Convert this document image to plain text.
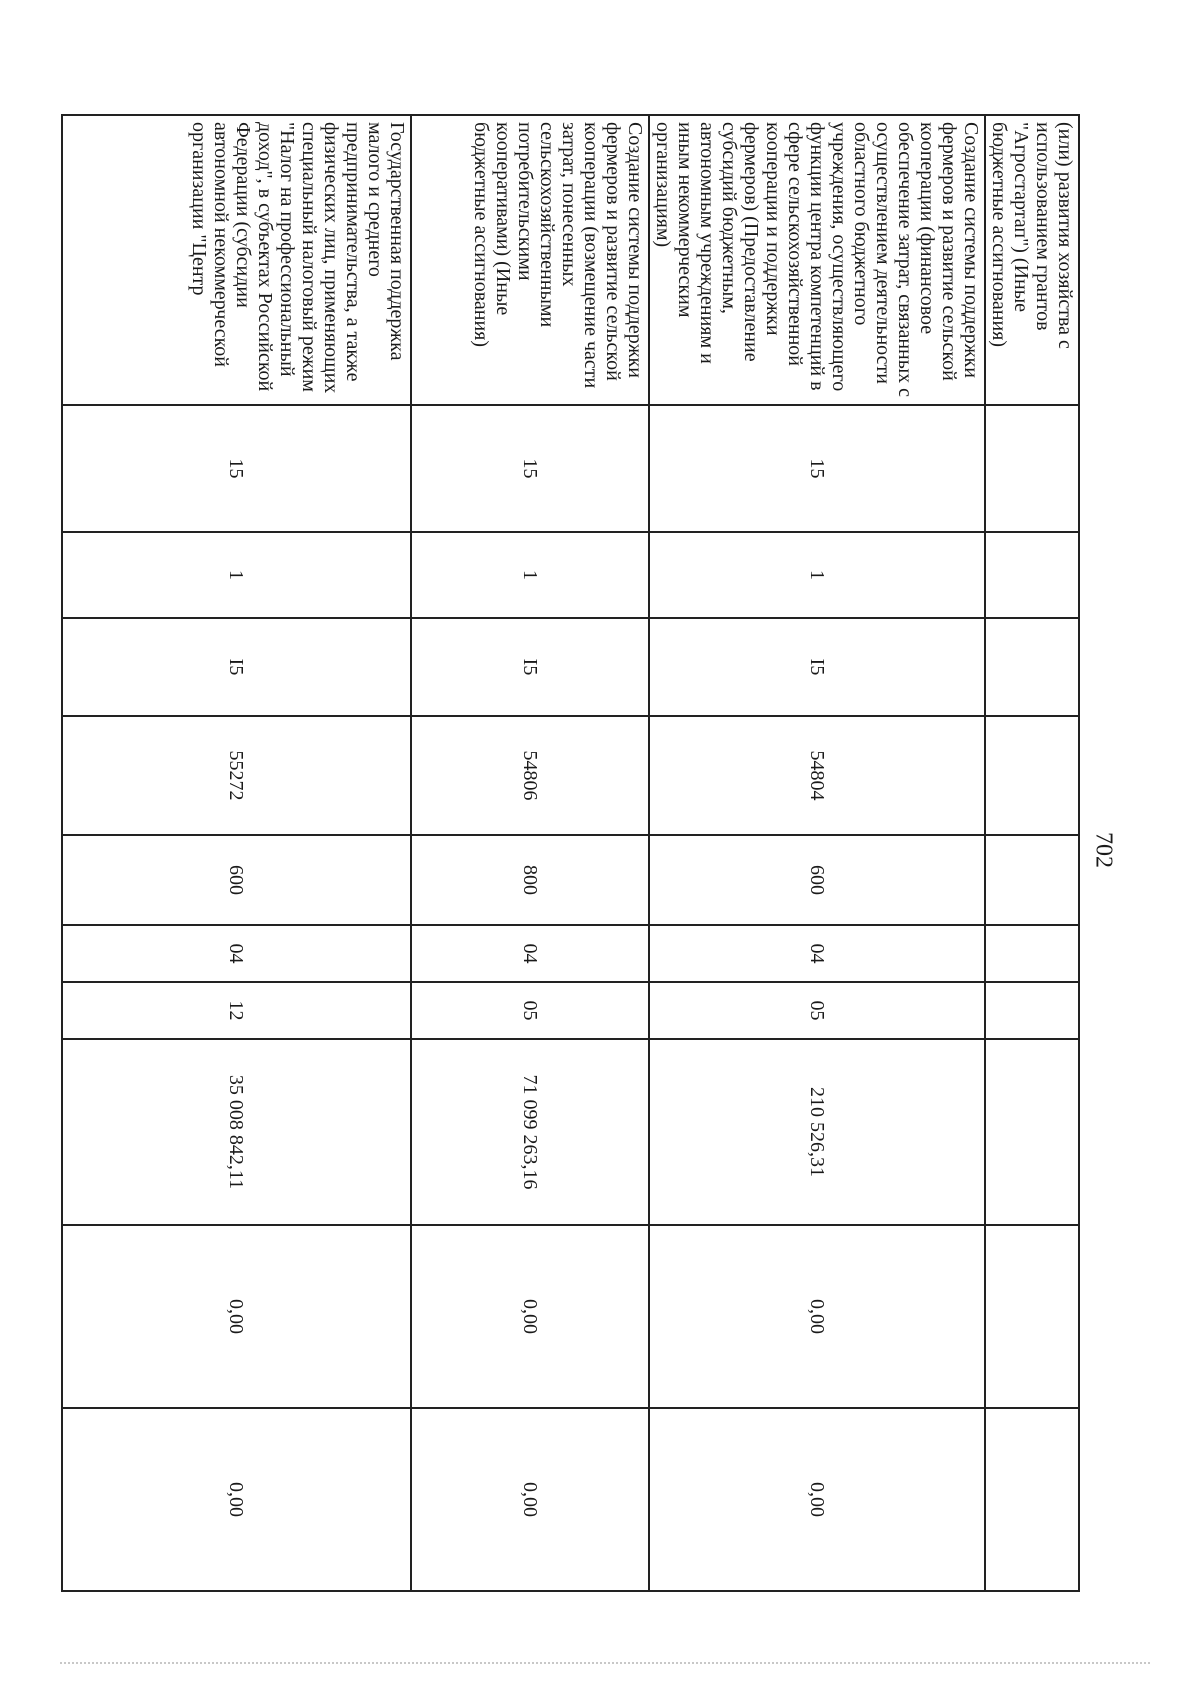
702
(или) развития хозяйства с использованием грантов "Агростартап") (Иные бюджетные ассигнования)										
Создание системы поддержки фермеров и развитие сельской кооперации (финансовое обеспечение затрат, связанных с осуществлением деятельности областного бюджетного учреждения, осуществляющего функции центра компетенций в сфере сельскохозяйственной кооперации и поддержки фермеров) (Предоставление субсидий бюджетным, автономным учреждениям и иным некоммерческим организациям)	15	1	I5	54804	600	04	05	210 526,31	0,00	0,00
Создание системы поддержки фермеров и развитие сельской кооперации (возмещение части затрат, понесенных сельскохозяйственными потребительскими кооперативами) (Иные бюджетные ассигнования)	15	1	I5	54806	800	04	05	71 099 263,16	0,00	0,00
Государственная поддержка малого и среднего предпринимательства, а также физических лиц, применяющих специальный налоговый режим "Налог на профессиональный доход", в субъектах Российской Федерации (субсидии автономной некоммерческой организации "Центр	15	1	I5	55272	600	04	12	35 008 842,11	0,00	0,00
